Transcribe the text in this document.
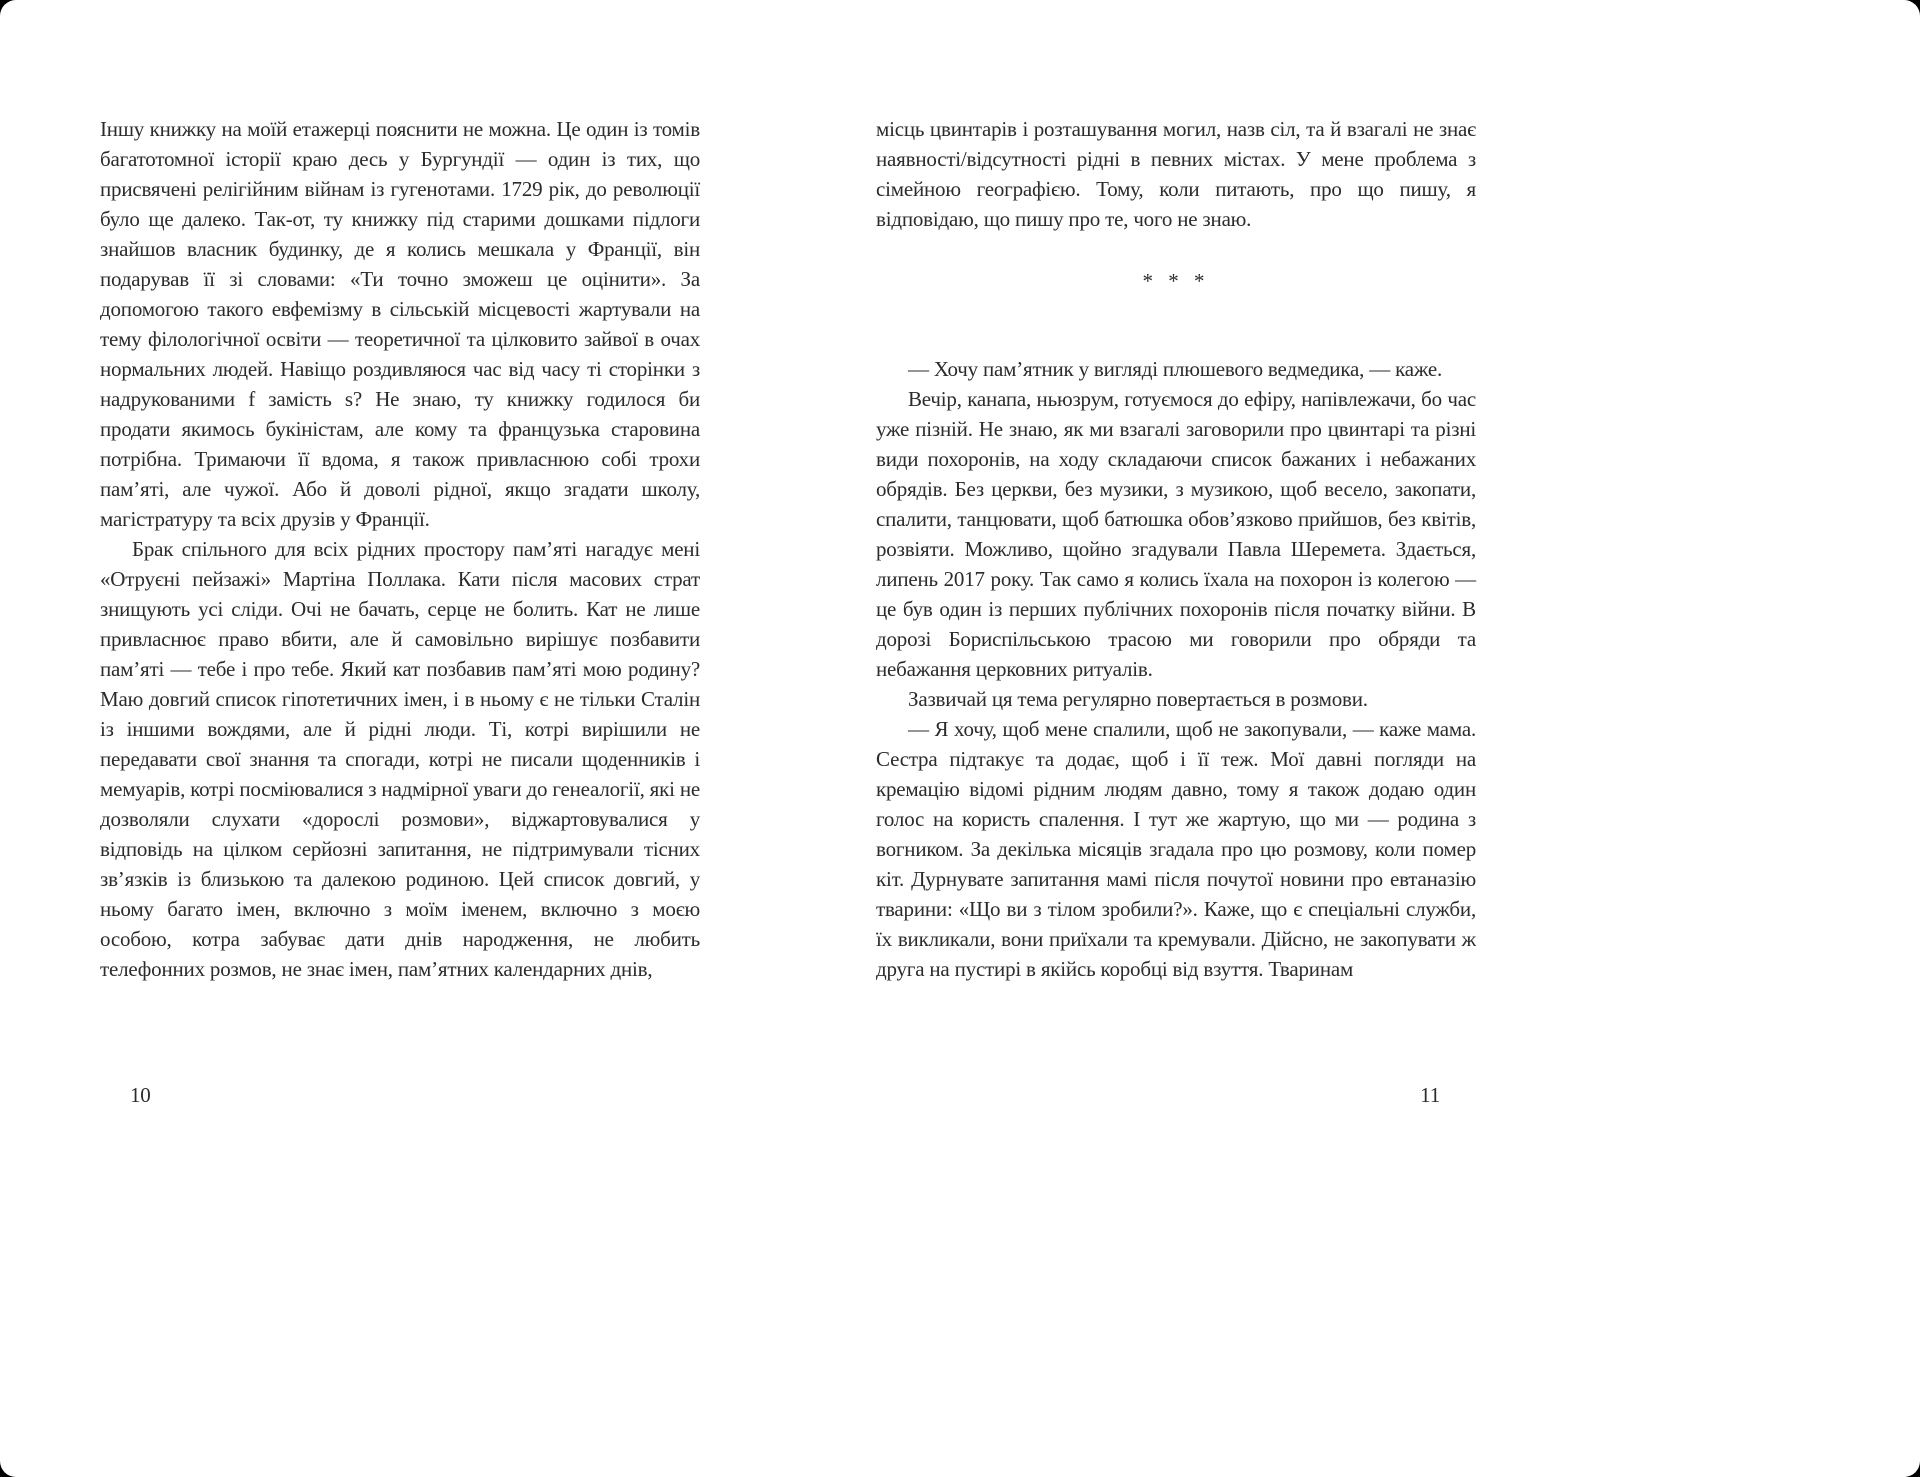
Іншу книжку на моїй етажерці пояснити не можна. Це один із томів багатотомної історії краю десь у Бургундії — один із тих, що присвячені релігійним війнам із гугенотами. 1729 рік, до революції було ще далеко. Так-от, ту книжку під старими дошками підлоги знайшов власник будинку, де я колись мешкала у Франції, він подарував її зі словами: «Ти точно зможеш це оцінити». За допомогою такого евфемізму в сільській місцевості жартували на тему філологічної освіти — теоретичної та цілковито зайвої в очах нормальних людей. Навіщо роздивляюся час від часу ті сторінки з надрукованими f замість s? Не знаю, ту книжку годилося би продати якимось букіністам, але кому та французька старовина потрібна. Тримаючи її вдома, я також привласнюю собі трохи пам’яті, але чужої. Або й доволі рідної, якщо згадати школу, магістратуру та всіх друзів у Франції.

Брак спільного для всіх рідних простору пам’яті нагадує мені «Отруєні пейзажі» Мартіна Поллака. Кати після масових страт знищують усі сліди. Очі не бачать, серце не болить. Кат не лише привласнює право вбити, але й самовільно вирішує позбавити пам’яті — тебе і про тебе. Який кат позбавив пам’яті мою родину? Маю довгий список гіпотетичних імен, і в ньому є не тільки Сталін із іншими вождями, але й рідні люди. Ті, котрі вирішили не передавати свої знання та спогади, котрі не писали щоденників і мемуарів, котрі посміювалися з надмірної уваги до генеалогії, які не дозволяли слухати «дорослі розмови», віджартовувалися у відповідь на цілком серйозні запитання, не підтримували тісних зв’язків із близькою та далекою родиною. Цей список довгий, у ньому багато імен, включно з моїм іменем, включно з моєю особою, котра забуває дати днів народження, не любить телефонних розмов, не знає імен, пам’ятних календарних днів,

місць цвинтарів і розташування могил, назв сіл, та й взагалі не знає наявності/відсутності рідні в певних містах. У мене проблема з сімейною географією. Тому, коли питають, про що пишу, я відповідаю, що пишу про те, чого не знаю.

* * *

— Хочу пам’ятник у вигляді плюшевого ведмедика, — каже.

Вечір, канапа, ньюзрум, готуємося до ефіру, напівлежачи, бо час уже пізній. Не знаю, як ми взагалі заговорили про цвинтарі та різні види похоронів, на ходу складаючи список бажаних і небажаних обрядів. Без церкви, без музики, з музикою, щоб весело, закопати, спалити, танцювати, щоб батюшка обов’язково прийшов, без квітів, розвіяти. Можливо, щойно згадували Павла Шеремета. Здається, липень 2017 року. Так само я колись їхала на похорон із колегою — це був один із перших публічних похоронів після початку війни. В дорозі Бориспільською трасою ми говорили про обряди та небажання церковних ритуалів.

Зазвичай ця тема регулярно повертається в розмови.

— Я хочу, щоб мене спалили, щоб не закопували, — каже мама. Сестра підтакує та додає, щоб і її теж. Мої давні погляди на кремацію відомі рідним людям давно, тому я також додаю один голос на користь спалення. І тут же жартую, що ми — родина з вогником. За декілька місяців згадала про цю розмову, коли помер кіт. Дурнувате запитання мамі після почутої новини про евтаназію тварини: «Що ви з тілом зробили?». Каже, що є спеціальні служби, їх викликали, вони приїхали та кремували. Дійсно, не закопувати ж друга на пустирі в якійсь коробці від взуття. Тваринам

10	11
